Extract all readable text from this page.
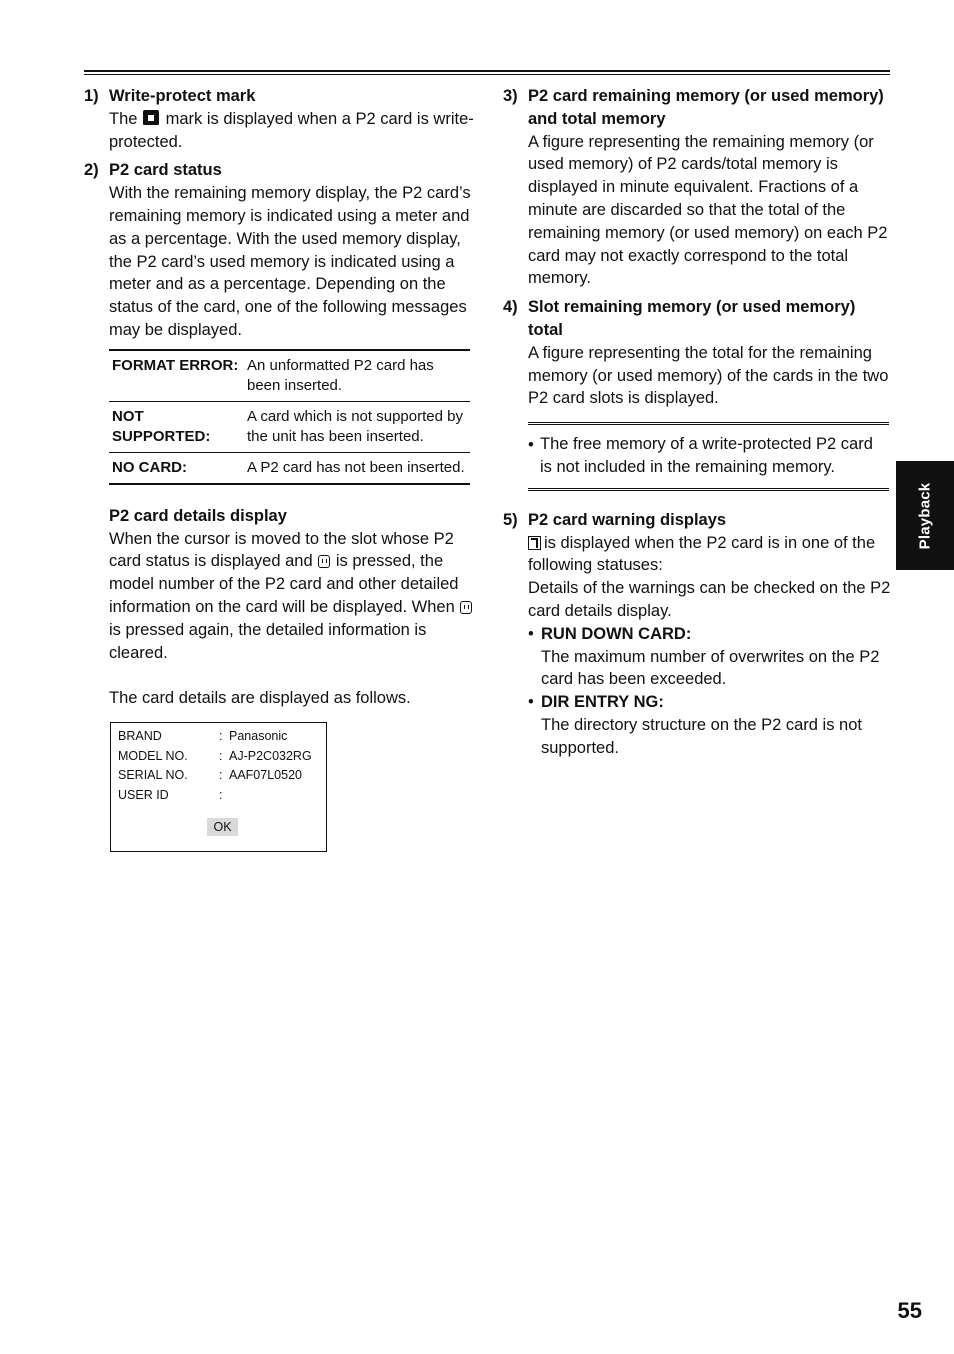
1) Write-protect mark

The mark is displayed when a P2 card is write-protected.

2) P2 card status

With the remaining memory display, the P2 card’s remaining memory is indicated using a meter and as a percentage. With the used memory display, the P2 card’s used memory is indicated using a meter and as a percentage. Depending on the status of the card, one of the following messages may be displayed.

FORMAT ERROR:	An unformatted P2 card has been inserted.
NOT SUPPORTED:	A card which is not supported by the unit has been inserted.
NO CARD:	A P2 card has not been inserted.
P2 card details display

When the cursor is moved to the slot whose P2 card status is displayed and is pressed, the model number of the P2 card and other detailed information on the card will be displayed. When  is pressed again, the detailed information is cleared.

The card details are displayed as follows.

BRAND	: Panasonic
MODEL NO.	: AJ-P2C032RG
SERIAL NO.	: AAF07L0520
USER ID	:
OK
3) P2 card remaining memory (or used memory) and total memory

A figure representing the remaining memory (or used memory) of P2 cards/total memory is displayed in minute equivalent. Fractions of a minute are discarded so that the total of the remaining memory (or used memory) on each P2 card may not exactly correspond to the total memory.

4) Slot remaining memory (or used memory) total

A figure representing the total for the remaining memory (or used memory) of the cards in the two P2 card slots is displayed.

• The free memory of a write-protected P2 card is not included in the remaining memory.

5) P2 card warning displays

is displayed when the P2 card is in one of the following statuses:

Details of the warnings can be checked on the P2 card details display.

• RUN DOWN CARD:

The maximum number of overwrites on the P2 card has been exceeded.

• DIR ENTRY NG:

The directory structure on the P2 card is not supported.

Playback
55
